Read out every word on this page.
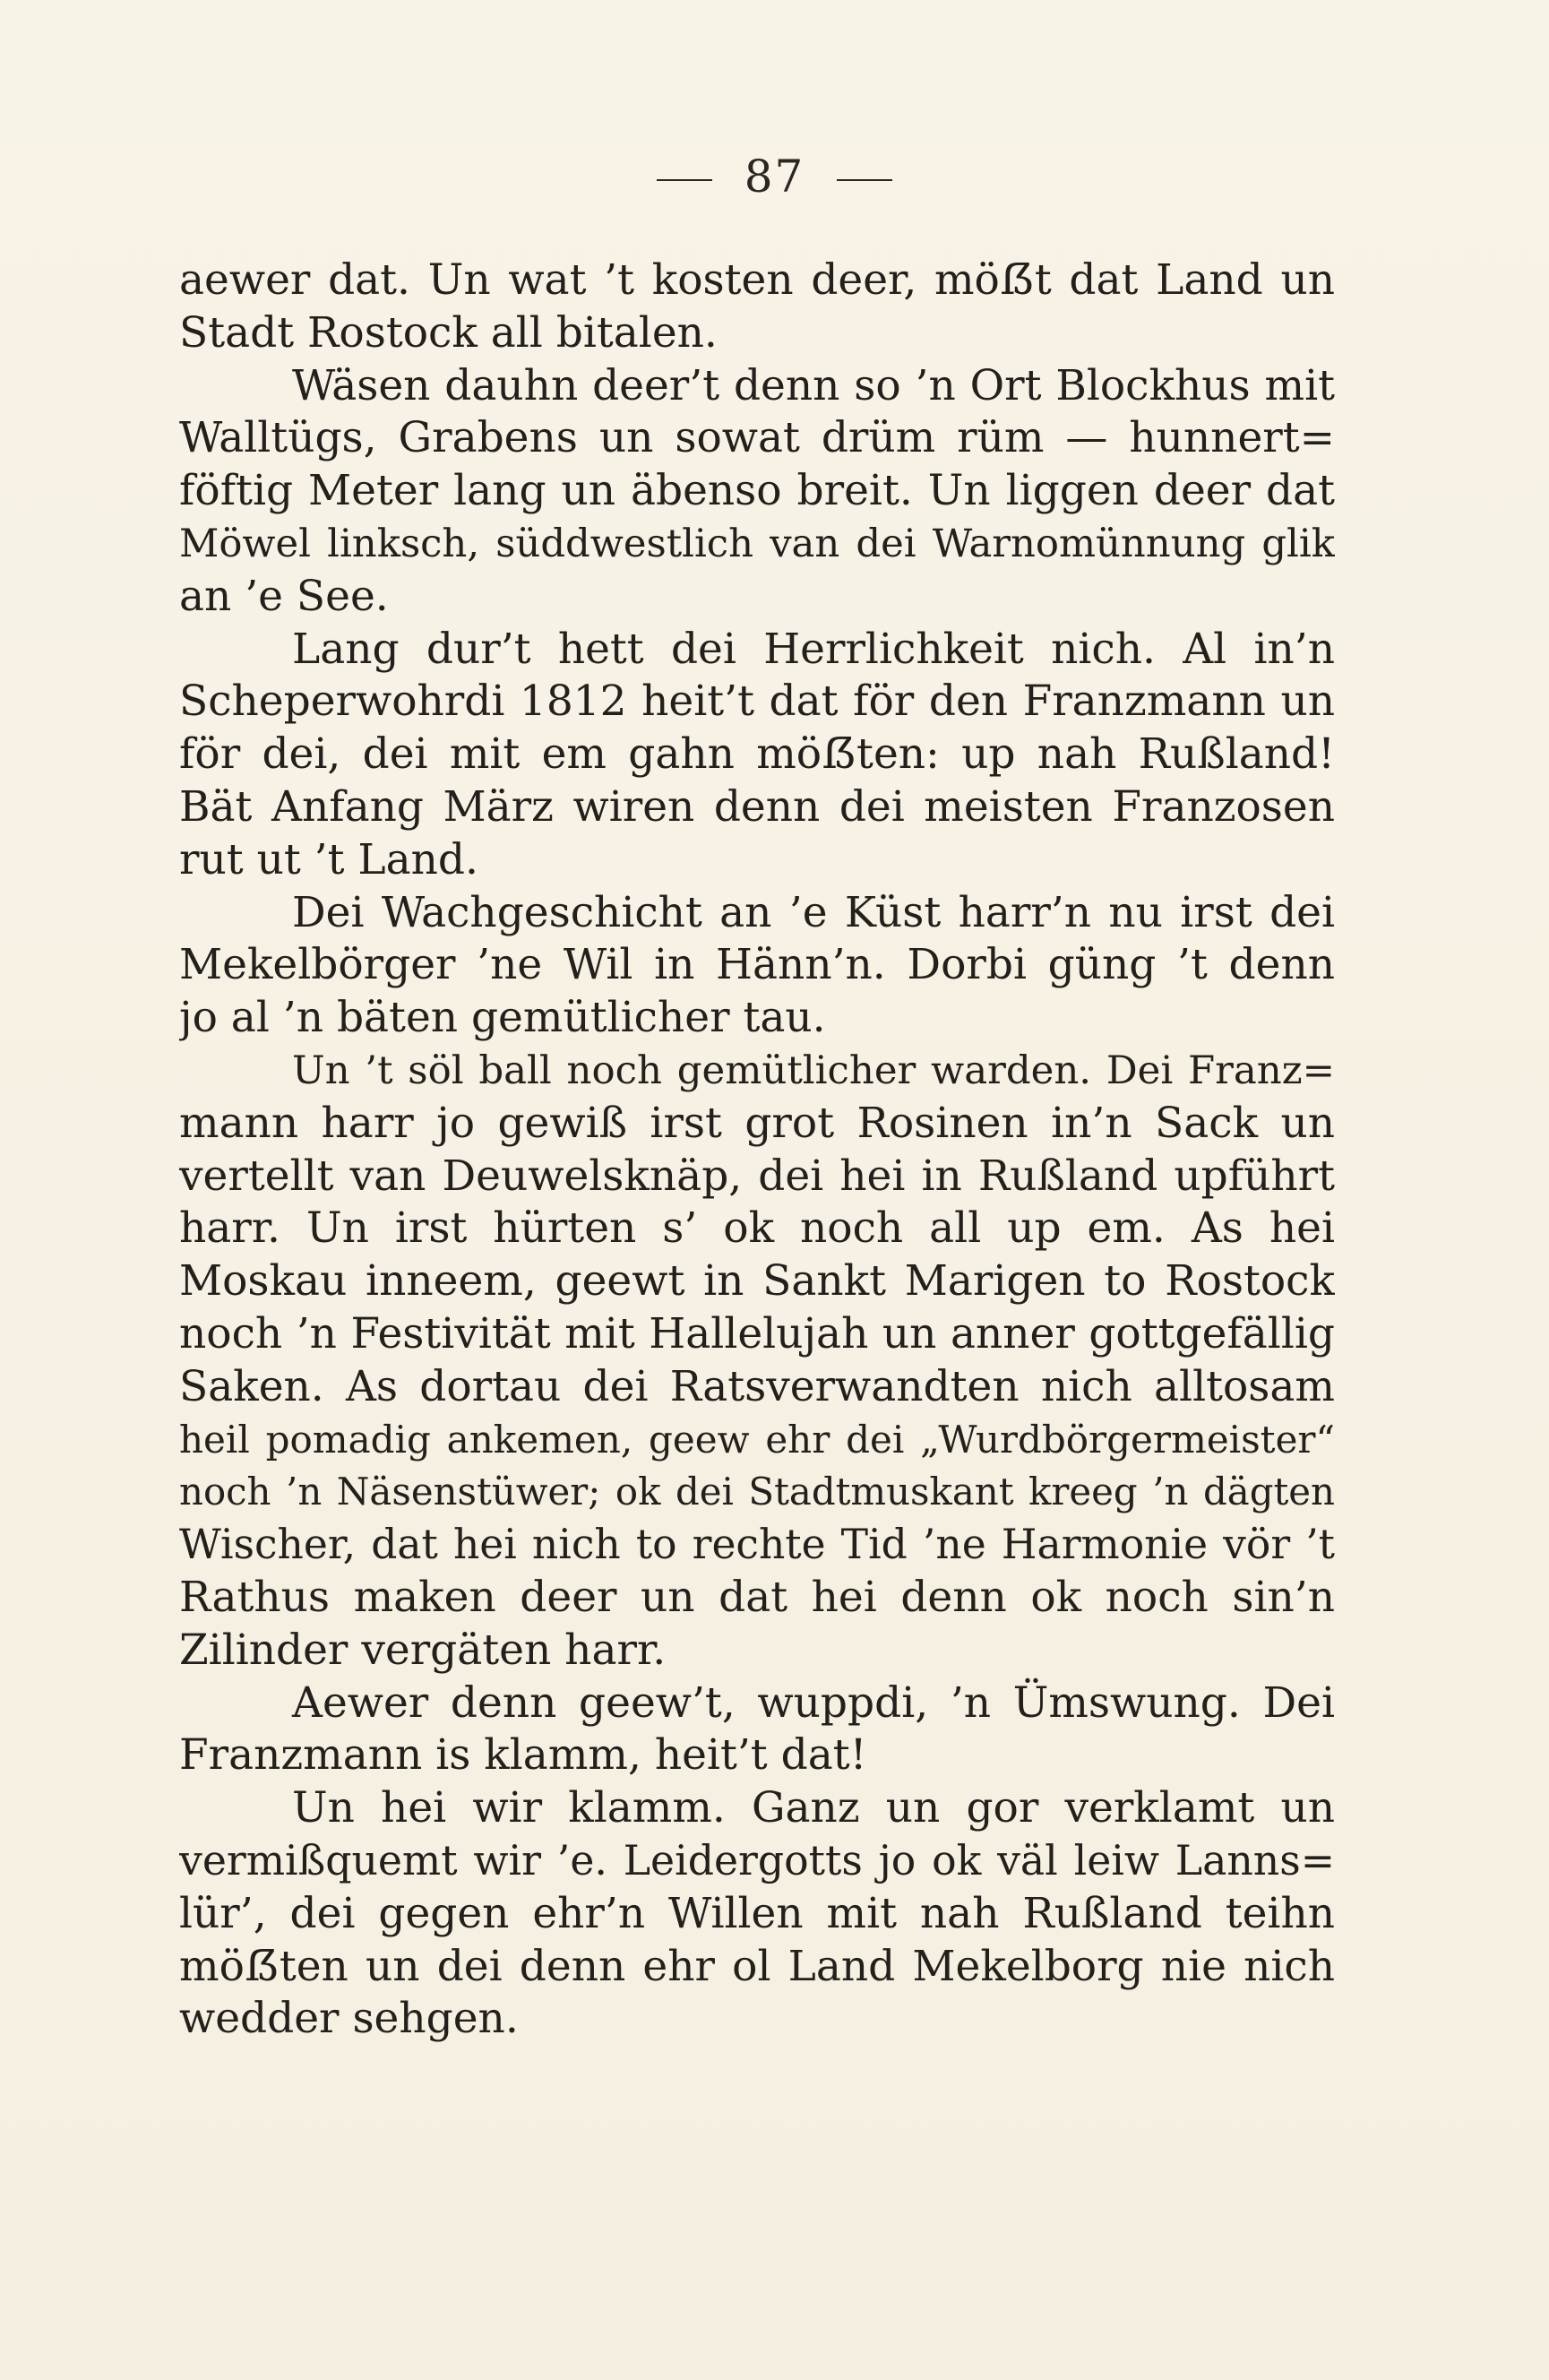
87
aewer dat. Un wat ’t kosten deer, möẞt dat Land un
Stadt Rostock all bitalen.
Wäsen dauhn deer’t denn so ’n Ort Blockhus mit
Walltügs, Grabens un sowat drüm rüm — hunnert=
föftig Meter lang un äbenso breit. Un liggen deer dat
Möwel linksch, süddwestlich van dei Warnomünnung glik
an ’e See.
Lang dur’t hett dei Herrlichkeit nich. Al in’n
Scheperwohrdi 1812 heit’t dat för den Franzmann un
för dei, dei mit em gahn möẞten: up nah Rußland!
Bät Anfang März wiren denn dei meisten Franzosen
rut ut ’t Land.
Dei Wachgeschicht an ’e Küst harr’n nu irst dei
Mekelbörger ’ne Wil in Hänn’n. Dorbi güng ’t denn
jo al ’n bäten gemütlicher tau.
Un ’t söl ball noch gemütlicher warden. Dei Franz=
mann harr jo gewiß irst grot Rosinen in’n Sack un
vertellt van Deuwelsknäp, dei hei in Rußland upführt
harr. Un irst hürten s’ ok noch all up em. As hei
Moskau inneem, geewt in Sankt Marigen to Rostock
noch ’n Festivität mit Hallelujah un anner gottgefällig
Saken. As dortau dei Ratsverwandten nich alltosam
heil pomadig ankemen, geew ehr dei „Wurdbörgermeister“
noch ’n Näsenstüwer; ok dei Stadtmuskant kreeg ’n dägten
Wischer, dat hei nich to rechte Tid ’ne Harmonie vör ’t
Rathus maken deer un dat hei denn ok noch sin’n
Zilinder vergäten harr.
Aewer denn geew’t, wuppdi, ’n Ümswung. Dei
Franzmann is klamm, heit’t dat!
Un hei wir klamm. Ganz un gor verklamt un
vermißquemt wir ’e. Leidergotts jo ok väl leiw Lanns=
lür’, dei gegen ehr’n Willen mit nah Rußland teihn
möẞten un dei denn ehr ol Land Mekelborg nie nich
wedder sehgen.
